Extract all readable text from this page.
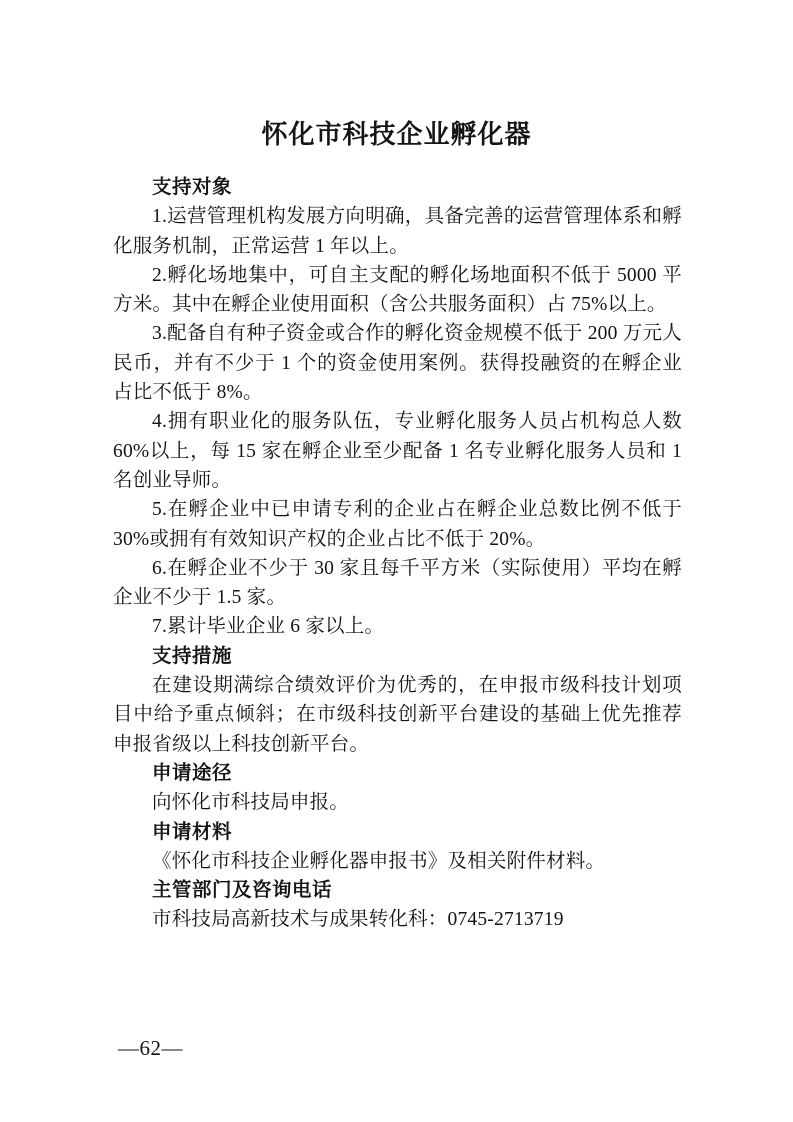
怀化市科技企业孵化器
支持对象

1.运营管理机构发展方向明确，具备完善的运营管理体系和孵化服务机制，正常运营 1 年以上。

2.孵化场地集中，可自主支配的孵化场地面积不低于 5000 平方米。其中在孵企业使用面积（含公共服务面积）占 75%以上。

3.配备自有种子资金或合作的孵化资金规模不低于 200 万元人民币，并有不少于 1 个的资金使用案例。获得投融资的在孵企业占比不低于 8%。

4.拥有职业化的服务队伍，专业孵化服务人员占机构总人数 60%以上，每 15 家在孵企业至少配备 1 名专业孵化服务人员和 1 名创业导师。

5.在孵企业中已申请专利的企业占在孵企业总数比例不低于 30%或拥有有效知识产权的企业占比不低于 20%。

6.在孵企业不少于 30 家且每千平方米（实际使用）平均在孵企业不少于 1.5 家。

7.累计毕业企业 6 家以上。

支持措施

在建设期满综合绩效评价为优秀的，在申报市级科技计划项目中给予重点倾斜；在市级科技创新平台建设的基础上优先推荐申报省级以上科技创新平台。

申请途径

向怀化市科技局申报。

申请材料

《怀化市科技企业孵化器申报书》及相关附件材料。

主管部门及咨询电话

市科技局高新技术与成果转化科：0745-2713719

—62—
